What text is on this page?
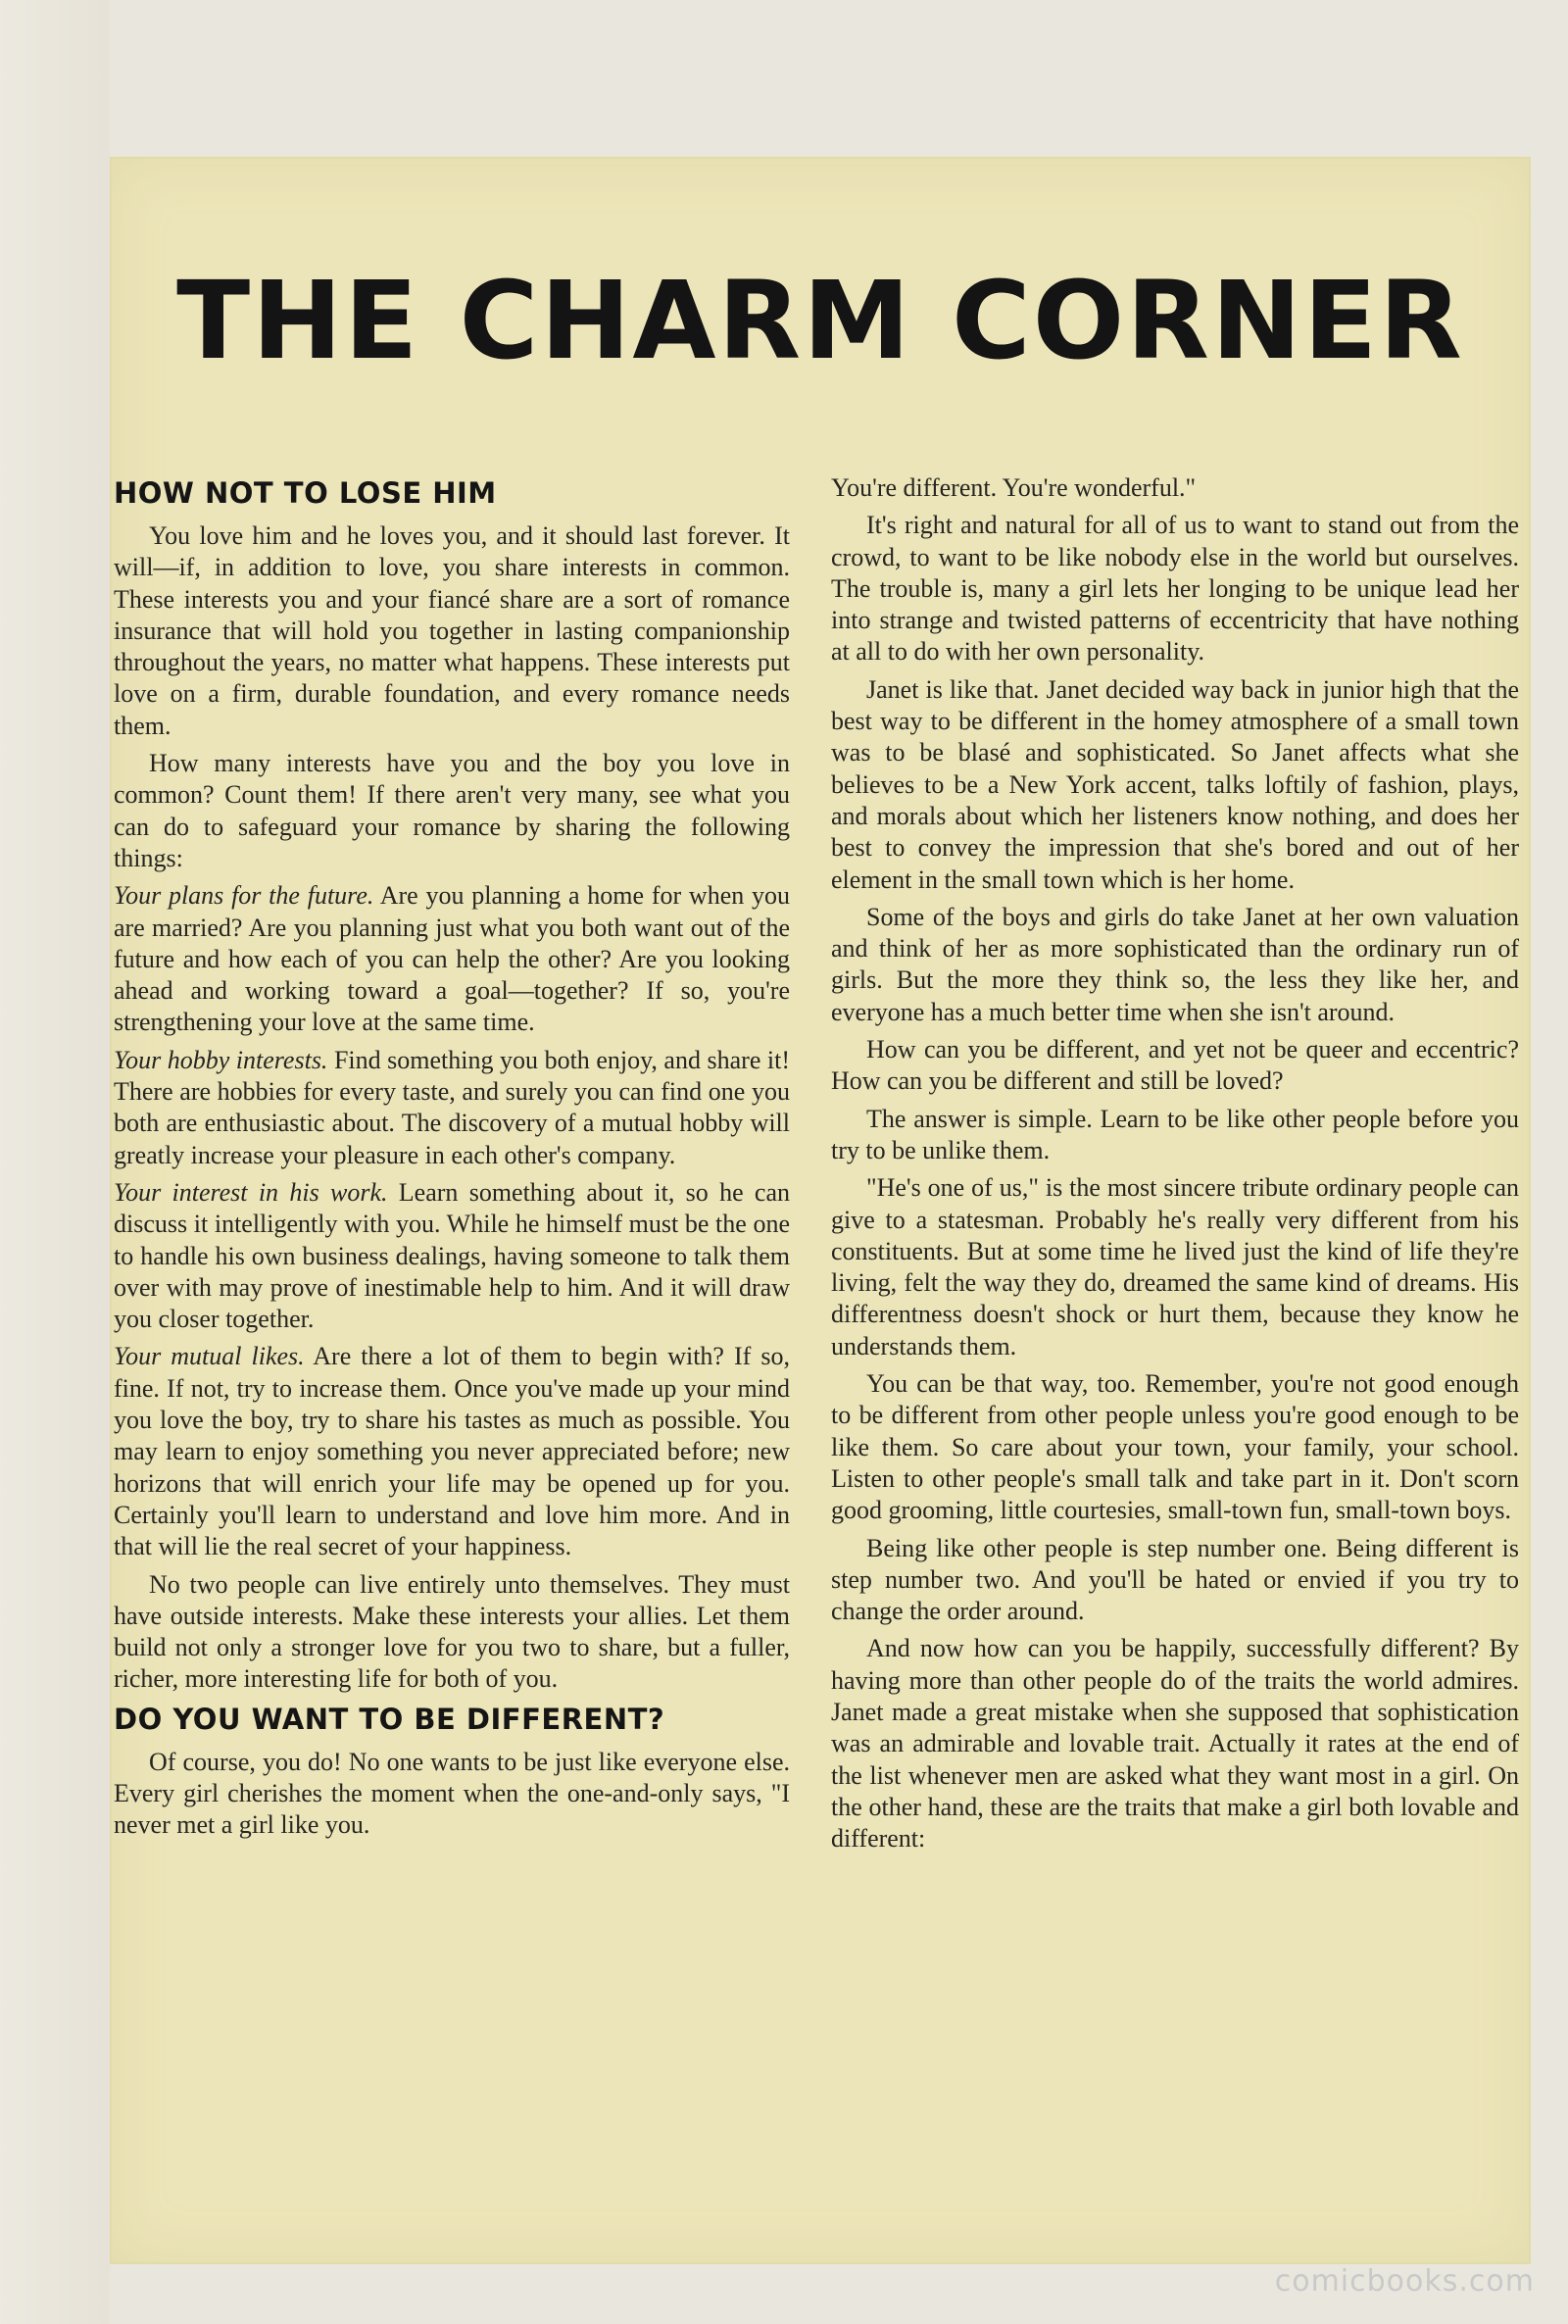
THE CHARM CORNER
HOW NOT TO LOSE HIM

You love him and he loves you, and it should last forever. It will—if, in addition to love, you share interests in common. These interests you and your fiancé share are a sort of romance insurance that will hold you together in lasting companionship throughout the years, no matter what happens. These interests put love on a firm, durable foundation, and every romance needs them.

How many interests have you and the boy you love in common? Count them! If there aren't very many, see what you can do to safeguard your romance by sharing the following things:

Your plans for the future. Are you planning a home for when you are married? Are you planning just what you both want out of the future and how each of you can help the other? Are you looking ahead and working toward a goal—together? If so, you're strengthening your love at the same time.

Your hobby interests. Find something you both enjoy, and share it! There are hobbies for every taste, and surely you can find one you both are enthusiastic about. The discovery of a mutual hobby will greatly increase your pleasure in each other's company.

Your interest in his work. Learn something about it, so he can discuss it intelligently with you. While he himself must be the one to handle his own business dealings, having someone to talk them over with may prove of inestimable help to him. And it will draw you closer together.

Your mutual likes. Are there a lot of them to begin with? If so, fine. If not, try to increase them. Once you've made up your mind you love the boy, try to share his tastes as much as possible. You may learn to enjoy something you never appreciated before; new horizons that will enrich your life may be opened up for you. Certainly you'll learn to understand and love him more. And in that will lie the real secret of your happiness.

No two people can live entirely unto themselves. They must have outside interests. Make these interests your allies. Let them build not only a stronger love for you two to share, but a fuller, richer, more interesting life for both of you.

DO YOU WANT TO BE DIFFERENT?

Of course, you do! No one wants to be just like everyone else. Every girl cherishes the moment when the one-and-only says, "I never met a girl like you.

You're different. You're wonderful."

It's right and natural for all of us to want to stand out from the crowd, to want to be like nobody else in the world but ourselves. The trouble is, many a girl lets her longing to be unique lead her into strange and twisted patterns of eccentricity that have nothing at all to do with her own personality.

Janet is like that. Janet decided way back in junior high that the best way to be different in the homey atmosphere of a small town was to be blasé and sophisticated. So Janet affects what she believes to be a New York accent, talks loftily of fashion, plays, and morals about which her listeners know nothing, and does her best to convey the impression that she's bored and out of her element in the small town which is her home.

Some of the boys and girls do take Janet at her own valuation and think of her as more sophisticated than the ordinary run of girls. But the more they think so, the less they like her, and everyone has a much better time when she isn't around.

How can you be different, and yet not be queer and eccentric? How can you be different and still be loved?

The answer is simple. Learn to be like other people before you try to be unlike them.

"He's one of us," is the most sincere tribute ordinary people can give to a statesman. Probably he's really very different from his constituents. But at some time he lived just the kind of life they're living, felt the way they do, dreamed the same kind of dreams. His differentness doesn't shock or hurt them, because they know he understands them.

You can be that way, too. Remember, you're not good enough to be different from other people unless you're good enough to be like them. So care about your town, your family, your school. Listen to other people's small talk and take part in it. Don't scorn good grooming, little courtesies, small-town fun, small-town boys.

Being like other people is step number one. Being different is step number two. And you'll be hated or envied if you try to change the order around.

And now how can you be happily, successfully different? By having more than other people do of the traits the world admires. Janet made a great mistake when she supposed that sophistication was an admirable and lovable trait. Actually it rates at the end of the list whenever men are asked what they want most in a girl. On the other hand, these are the traits that make a girl both lovable and different:

comicbooks.com
